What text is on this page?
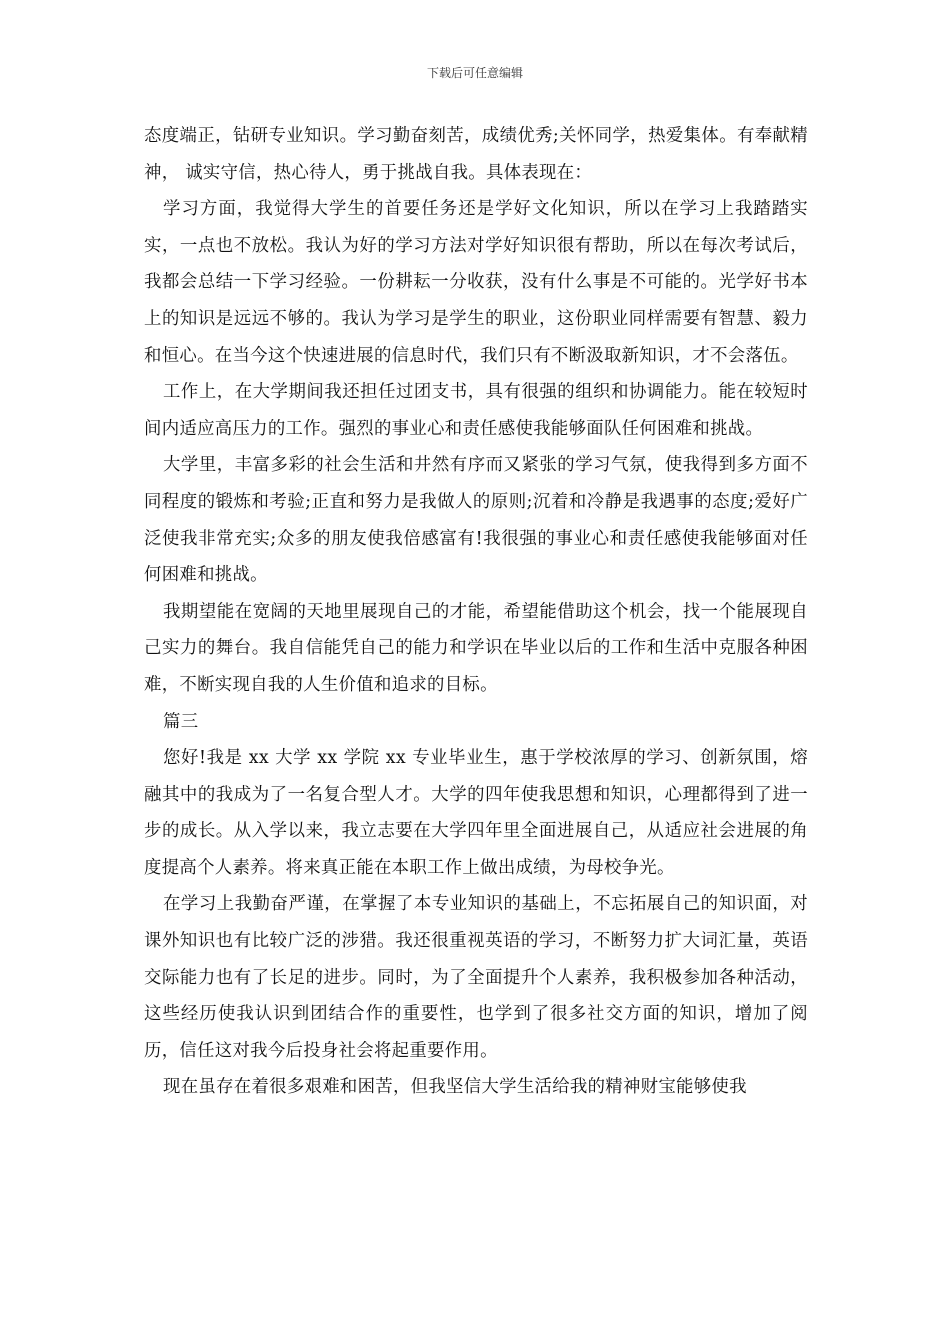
下载后可任意编辑

态度端正，钻研专业知识。学习勤奋刻苦，成绩优秀;关怀同学，热爱集体。有奉献精神， 诚实守信，热心待人，勇于挑战自我。具体表现在：

学习方面，我觉得大学生的首要任务还是学好文化知识，所以在学习上我踏踏实实，一点也不放松。我认为好的学习方法对学好知识很有帮助，所以在每次考试后，我都会总结一下学习经验。一份耕耘一分收获，没有什么事是不可能的。光学好书本上的知识是远远不够的。我认为学习是学生的职业，这份职业同样需要有智慧、毅力和恒心。在当今这个快速进展的信息时代，我们只有不断汲取新知识，才不会落伍。

工作上，在大学期间我还担任过团支书，具有很强的组织和协调能力。能在较短时间内适应高压力的工作。强烈的事业心和责任感使我能够面队任何困难和挑战。

大学里，丰富多彩的社会生活和井然有序而又紧张的学习气氛，使我得到多方面不同程度的锻炼和考验;正直和努力是我做人的原则;沉着和冷静是我遇事的态度;爱好广泛使我非常充实;众多的朋友使我倍感富有!我很强的事业心和责任感使我能够面对任何困难和挑战。

我期望能在宽阔的天地里展现自己的才能，希望能借助这个机会，找一个能展现自己实力的舞台。我自信能凭自己的能力和学识在毕业以后的工作和生活中克服各种困难，不断实现自我的人生价值和追求的目标。

篇三

您好!我是 xx 大学 xx 学院 xx 专业毕业生，惠于学校浓厚的学习、创新氛围，熔融其中的我成为了一名复合型人才。大学的四年使我思想和知识，心理都得到了进一步的成长。从入学以来，我立志要在大学四年里全面进展自己，从适应社会进展的角度提高个人素养。将来真正能在本职工作上做出成绩，为母校争光。

在学习上我勤奋严谨，在掌握了本专业知识的基础上，不忘拓展自己的知识面，对课外知识也有比较广泛的涉猎。我还很重视英语的学习，不断努力扩大词汇量，英语交际能力也有了长足的进步。同时，为了全面提升个人素养，我积极参加各种活动，这些经历使我认识到团结合作的重要性，也学到了很多社交方面的知识，增加了阅历，信任这对我今后投身社会将起重要作用。

现在虽存在着很多艰难和困苦，但我坚信大学生活给我的精神财宝能够使我
